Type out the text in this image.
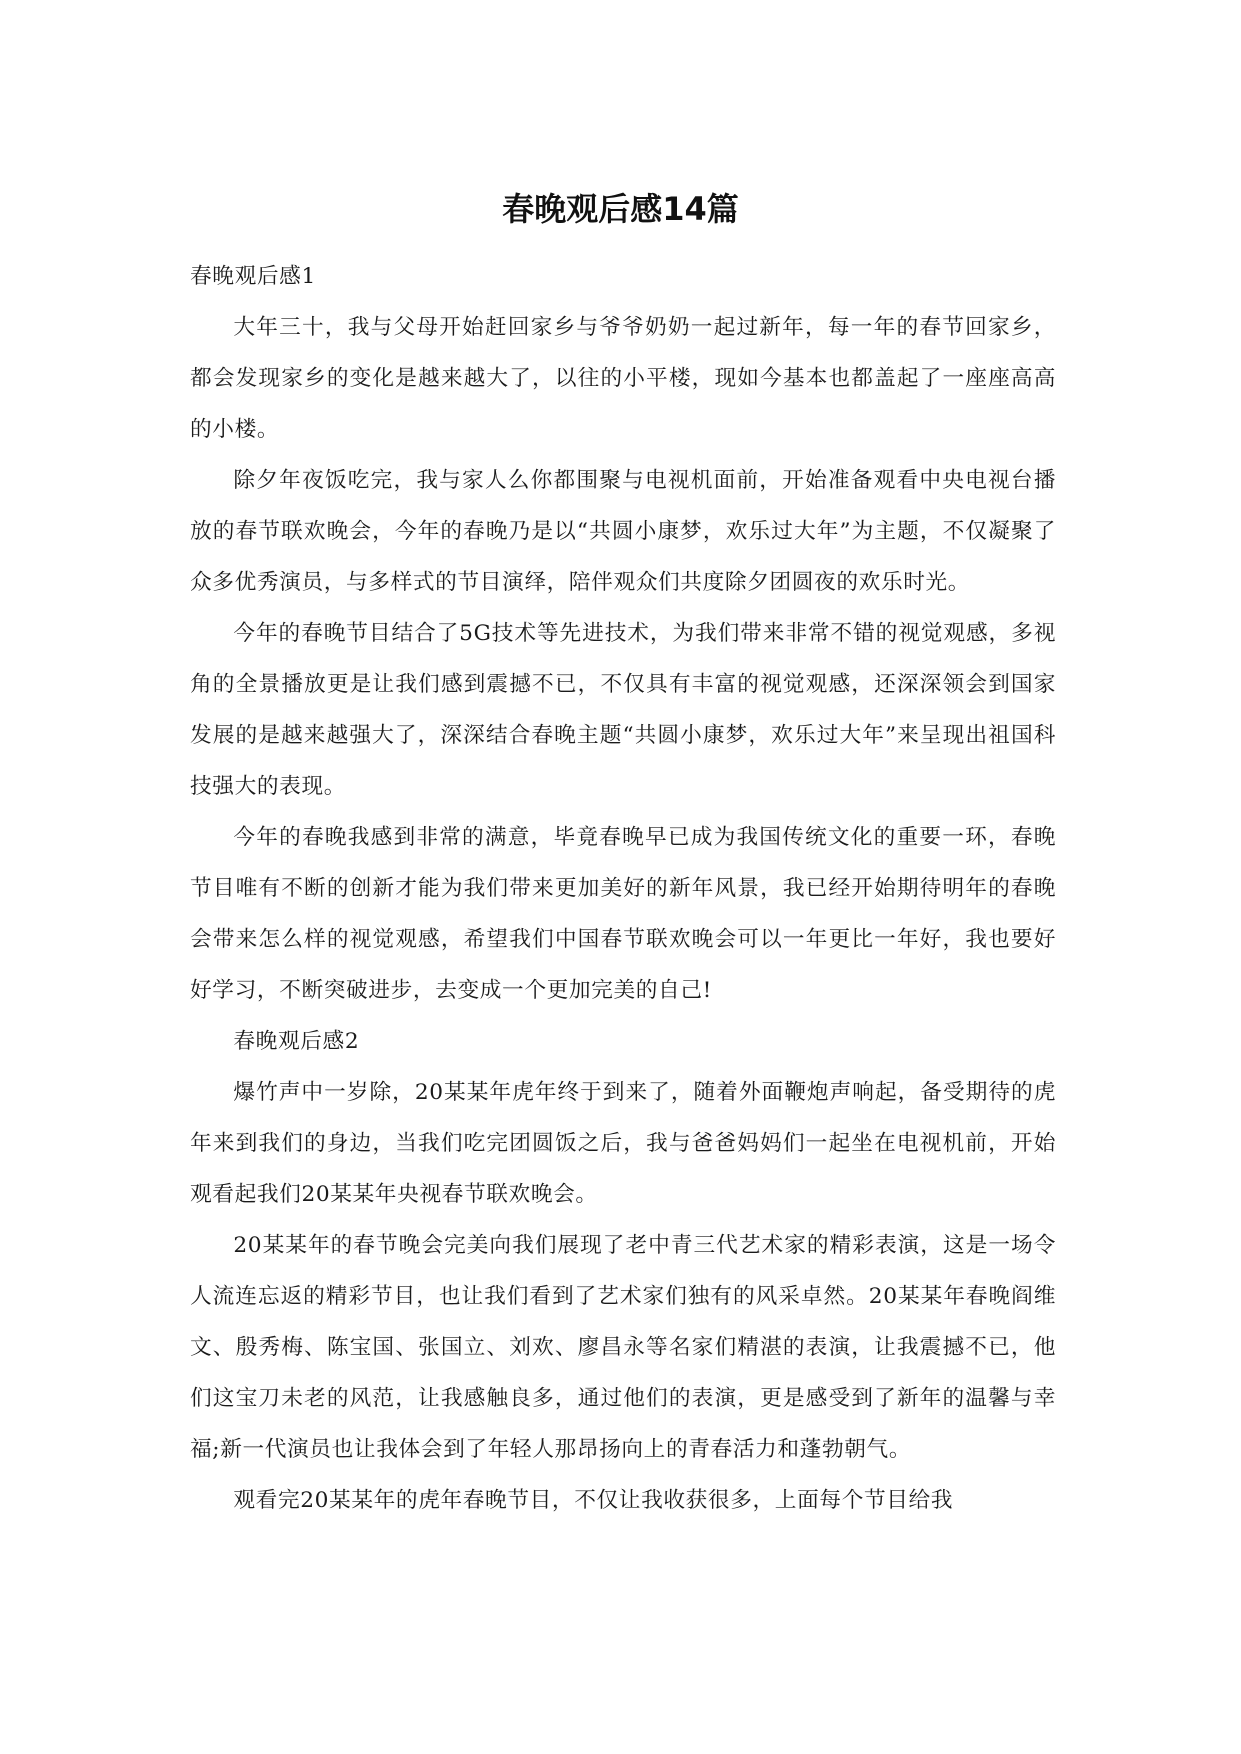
春晚观后感14篇

春晚观后感1

大年三十，我与父母开始赶回家乡与爷爷奶奶一起过新年，每一年的春节回家乡，都会发现家乡的变化是越来越大了，以往的小平楼，现如今基本也都盖起了一座座高高的小楼。

除夕年夜饭吃完，我与家人么你都围聚与电视机面前，开始准备观看中央电视台播放的春节联欢晚会，今年的春晚乃是以“共圆小康梦，欢乐过大年”为主题，不仅凝聚了众多优秀演员，与多样式的节目演绎，陪伴观众们共度除夕团圆夜的欢乐时光。

今年的春晚节目结合了5G技术等先进技术，为我们带来非常不错的视觉观感，多视角的全景播放更是让我们感到震撼不已，不仅具有丰富的视觉观感，还深深领会到国家发展的是越来越强大了，深深结合春晚主题“共圆小康梦，欢乐过大年”来呈现出祖国科技强大的表现。

今年的春晚我感到非常的满意，毕竟春晚早已成为我国传统文化的重要一环，春晚节目唯有不断的创新才能为我们带来更加美好的新年风景，我已经开始期待明年的春晚会带来怎么样的视觉观感，希望我们中国春节联欢晚会可以一年更比一年好，我也要好好学习，不断突破进步，去变成一个更加完美的自己!

春晚观后感2

爆竹声中一岁除，20某某年虎年终于到来了，随着外面鞭炮声响起，备受期待的虎年来到我们的身边，当我们吃完团圆饭之后，我与爸爸妈妈们一起坐在电视机前，开始观看起我们20某某年央视春节联欢晚会。

20某某年的春节晚会完美向我们展现了老中青三代艺术家的精彩表演，这是一场令人流连忘返的精彩节目，也让我们看到了艺术家们独有的风采卓然。20某某年春晚阎维文、殷秀梅、陈宝国、张国立、刘欢、廖昌永等名家们精湛的表演，让我震撼不已，他们这宝刀未老的风范，让我感触良多，通过他们的表演，更是感受到了新年的温馨与幸福;新一代演员也让我体会到了年轻人那昂扬向上的青春活力和蓬勃朝气。

观看完20某某年的虎年春晚节目，不仅让我收获很多，上面每个节目给我
